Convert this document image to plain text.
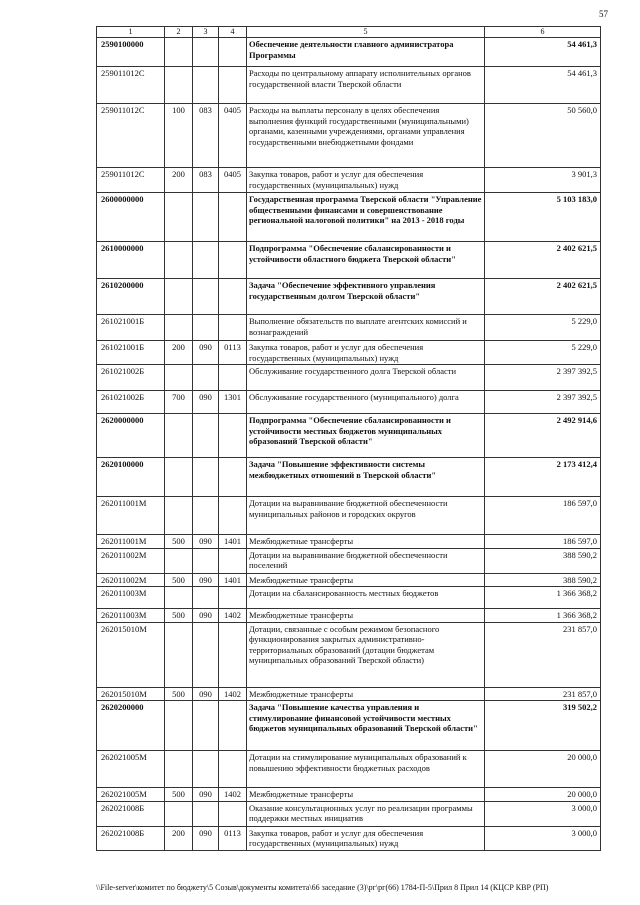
57
1	2	3	4	5	6
2590100000				Обеспечение деятельности главного администратора Программы	54 461,3
259011012С				Расходы по центральному аппарату исполнительных органов государственной власти Тверской области	54 461,3
259011012С	100	083	0405	Расходы на выплаты персоналу в целях обеспечения выполнения функций государственными (муниципальными) органами, казенными учреждениями, органами управления государственными внебюджетными фондами	50 560,0
259011012С	200	083	0405	Закупка товаров, работ и услуг для обеспечения государственных (муниципальных) нужд	3 901,3
2600000000				Государственная программа Тверской области "Управление общественными финансами и совершенствование региональной налоговой политики" на 2013 - 2018 годы	5 103 183,0
2610000000				Подпрограмма "Обеспечение сбалансированности и устойчивости областного бюджета Тверской области"	2 402 621,5
2610200000				Задача "Обеспечение эффективного управления государственным долгом Тверской области"	2 402 621,5
261021001Б				Выполнение обязательств по выплате агентских комиссий и вознаграждений	5 229,0
261021001Б	200	090	0113	Закупка товаров, работ и услуг для обеспечения государственных (муниципальных) нужд	5 229,0
261021002Б				Обслуживание государственного долга Тверской области	2 397 392,5
261021002Б	700	090	1301	Обслуживание государственного (муниципального) долга	2 397 392,5
2620000000				Подпрограмма "Обеспечение сбалансированности и устойчивости местных бюджетов муниципальных образований Тверской области"	2 492 914,6
2620100000				Задача "Повышение эффективности системы межбюджетных отношений в Тверской области"	2 173 412,4
262011001М				Дотации на выравнивание бюджетной обеспеченности муниципальных районов и городских округов	186 597,0
262011001М	500	090	1401	Межбюджетные трансферты	186 597,0
262011002М				Дотации на выравнивание бюджетной обеспеченности поселений	388 590,2
262011002М	500	090	1401	Межбюджетные трансферты	388 590,2
262011003М				Дотации на сбалансированность местных бюджетов	1 366 368,2
262011003М	500	090	1402	Межбюджетные трансферты	1 366 368,2
262015010М				Дотации, связанные с особым режимом безопасного функционирования закрытых административно-территориальных образований (дотации бюджетам муниципальных образований Тверской области)	231 857,0
262015010М	500	090	1402	Межбюджетные трансферты	231 857,0
2620200000				Задача "Повышение качества управления и стимулирование финансовой устойчивости местных бюджетов муниципальных образований Тверской области"	319 502,2
262021005М				Дотации на стимулирование муниципальных образований к повышению эффективности бюджетных расходов	20 000,0
262021005М	500	090	1402	Межбюджетные трансферты	20 000,0
262021008Б				Оказание консультационных услуг по реализации программы поддержки местных инициатив	3 000,0
262021008Б	200	090	0113	Закупка товаров, работ и услуг для обеспечения государственных (муниципальных) нужд	3 000,0
\\File-server\комитет по бюджету\5 Созыв\документы комитета\66 заседание (3)\рг\рг(66) 1784-П-5\Прил 8 Прил 14 (КЦСР КВР (РП)
